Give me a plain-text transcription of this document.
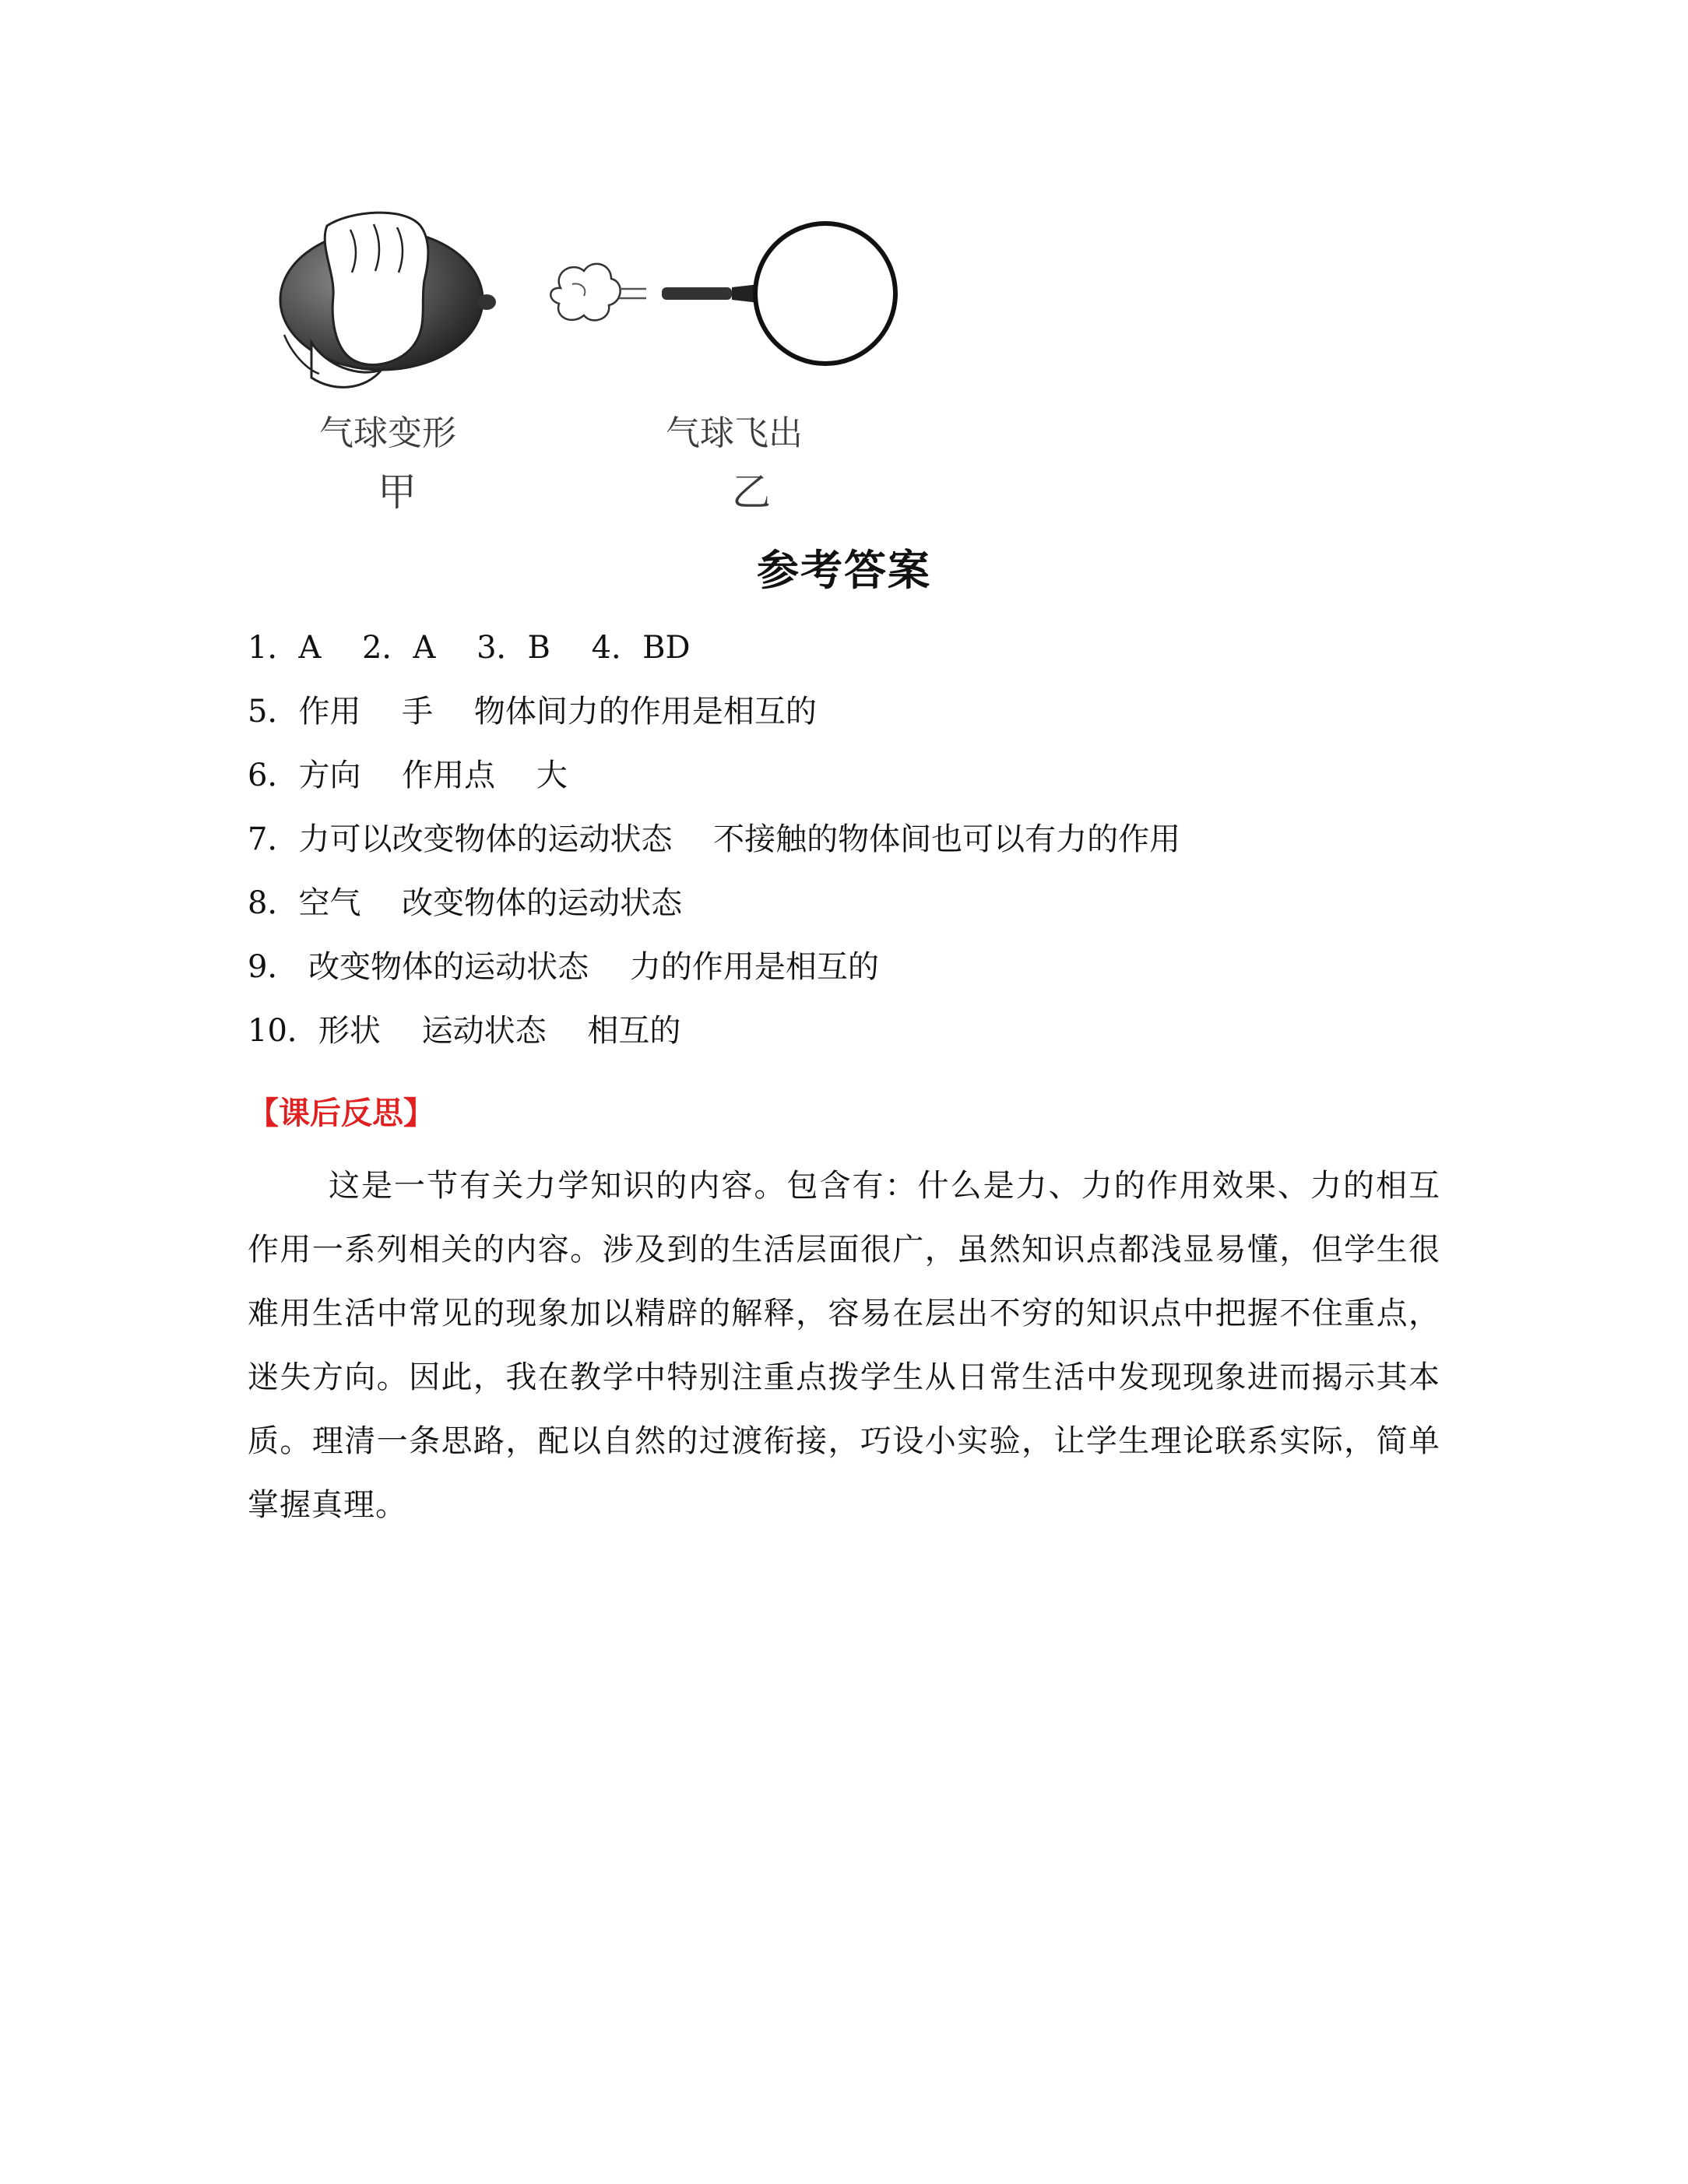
气球变形
甲
气球飞出
乙
参考答案
1．A　 2．A　 3．B　 4．BD
5．作用　 手　 物体间力的作用是相互的
6．方向　 作用点　 大
7．力可以改变物体的运动状态　 不接触的物体间也可以有力的作用
8．空气　 改变物体的运动状态
9． 改变物体的运动状态　 力的作用是相互的
10．形状　 运动状态　 相互的
【课后反思】
这是一节有关力学知识的内容。包含有：什么是力、力的作用效果、力的相互作用一系列相关的内容。涉及到的生活层面很广，虽然知识点都浅显易懂，但学生很难用生活中常见的现象加以精辟的解释，容易在层出不穷的知识点中把握不住重点，迷失方向。因此，我在教学中特别注重点拨学生从日常生活中发现现象进而揭示其本质。理清一条思路，配以自然的过渡衔接，巧设小实验，让学生理论联系实际，简单掌握真理。
